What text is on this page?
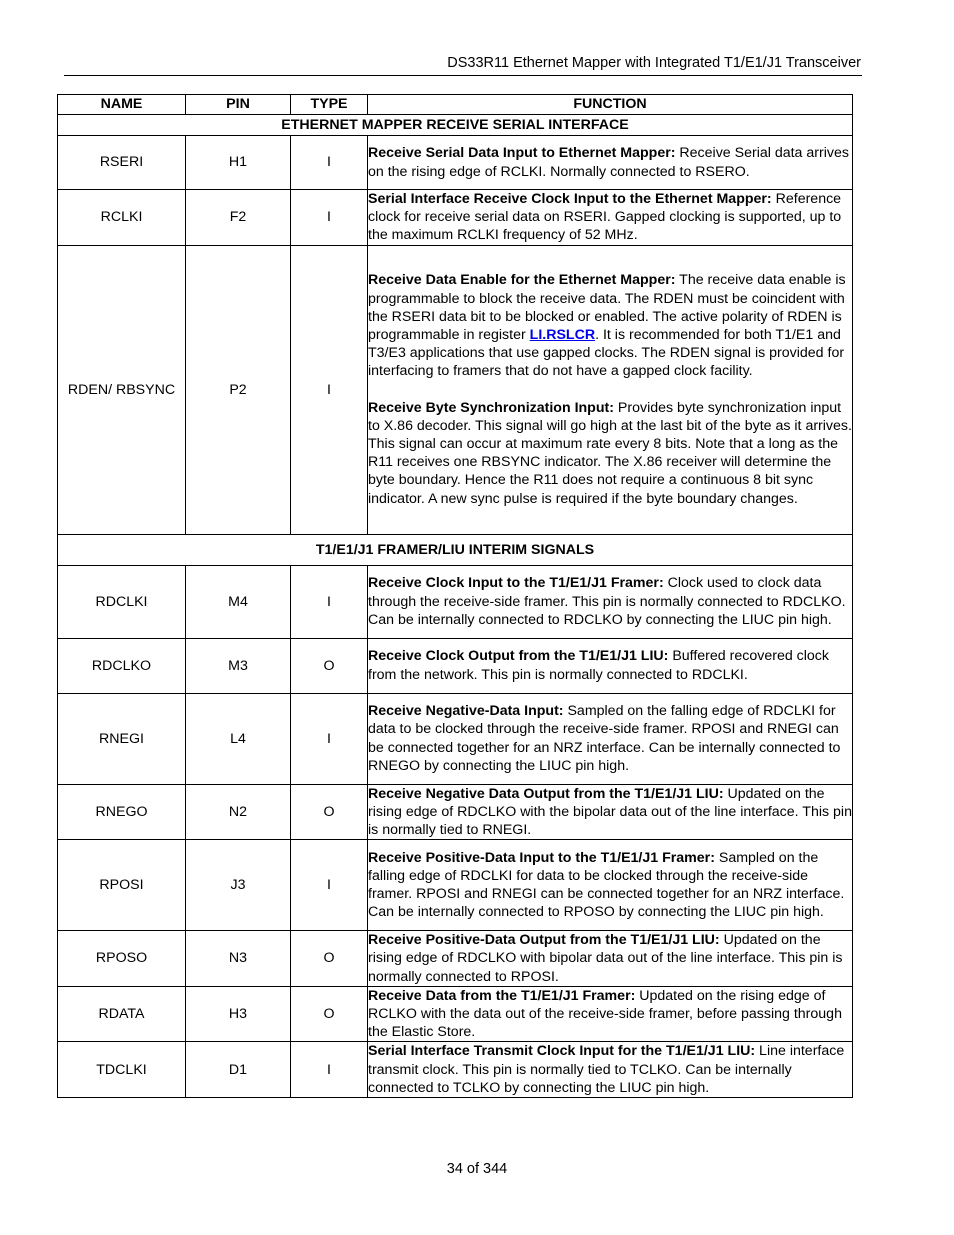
DS33R11 Ethernet Mapper with Integrated T1/E1/J1 Transceiver
NAME	PIN	TYPE	FUNCTION
ETHERNET MAPPER RECEIVE SERIAL INTERFACE			
RSERI	H1	I	Receive Serial Data Input to Ethernet Mapper: Receive Serial data arrives on the rising edge of RCLKI. Normally connected to RSERO.

RCLKI	F2	I	Serial Interface Receive Clock Input to the Ethernet Mapper: Reference clock for receive serial data on RSERI. Gapped clocking is supported, up to the maximum RCLKI frequency of 52 MHz.

RDEN/ RBSYNC	P2	I	Receive Data Enable for the Ethernet Mapper: The receive data enable is programmable to block the receive data. The RDEN must be coincident with the RSERI data bit to be blocked or enabled. The active polarity of RDEN is programmable in register LI.RSLCR. It is recommended for both T1/E1 and T3/E3 applications that use gapped clocks. The RDEN signal is provided for interfacing to framers that do not have a gapped clock facility.

Receive Byte Synchronization Input: Provides byte synchronization input to X.86 decoder. This signal will go high at the last bit of the byte as it arrives. This signal can occur at maximum rate every 8 bits. Note that a long as the R11 receives one RBSYNC indicator. The X.86 receiver will determine the byte boundary. Hence the R11 does not require a continuous 8 bit sync indicator. A new sync pulse is required if the byte boundary changes.

T1/E1/J1 FRAMER/LIU INTERIM SIGNALS			
RDCLKI	M4	I	Receive Clock Input to the T1/E1/J1 Framer: Clock used to clock data through the receive-side framer. This pin is normally connected to RDCLKO. Can be internally connected to RDCLKO by connecting the LIUC pin high.

RDCLKO	M3	O	Receive Clock Output from the T1/E1/J1 LIU: Buffered recovered clock from the network. This pin is normally connected to RDCLKI.

RNEGI	L4	I	Receive Negative-Data Input: Sampled on the falling edge of RDCLKI for data to be clocked through the receive-side framer. RPOSI and RNEGI can be connected together for an NRZ interface. Can be internally connected to RNEGO by connecting the LIUC pin high.

RNEGO	N2	O	Receive Negative Data Output from the T1/E1/J1 LIU: Updated on the rising edge of RDCLKO with the bipolar data out of the line interface. This pin is normally tied to RNEGI.

RPOSI	J3	I	Receive Positive-Data Input to the T1/E1/J1 Framer: Sampled on the falling edge of RDCLKI for data to be clocked through the receive-side framer. RPOSI and RNEGI can be connected together for an NRZ interface. Can be internally connected to RPOSO by connecting the LIUC pin high.

RPOSO	N3	O	Receive Positive-Data Output from the T1/E1/J1 LIU: Updated on the rising edge of RDCLKO with bipolar data out of the line interface. This pin is normally connected to RPOSI.

RDATA	H3	O	Receive Data from the T1/E1/J1 Framer: Updated on the rising edge of RCLKO with the data out of the receive-side framer, before passing through the Elastic Store.

TDCLKI	D1	I	Serial Interface Transmit Clock Input for the T1/E1/J1 LIU: Line interface transmit clock. This pin is normally tied to TCLKO. Can be internally connected to TCLKO by connecting the LIUC pin high.

34 of 344
